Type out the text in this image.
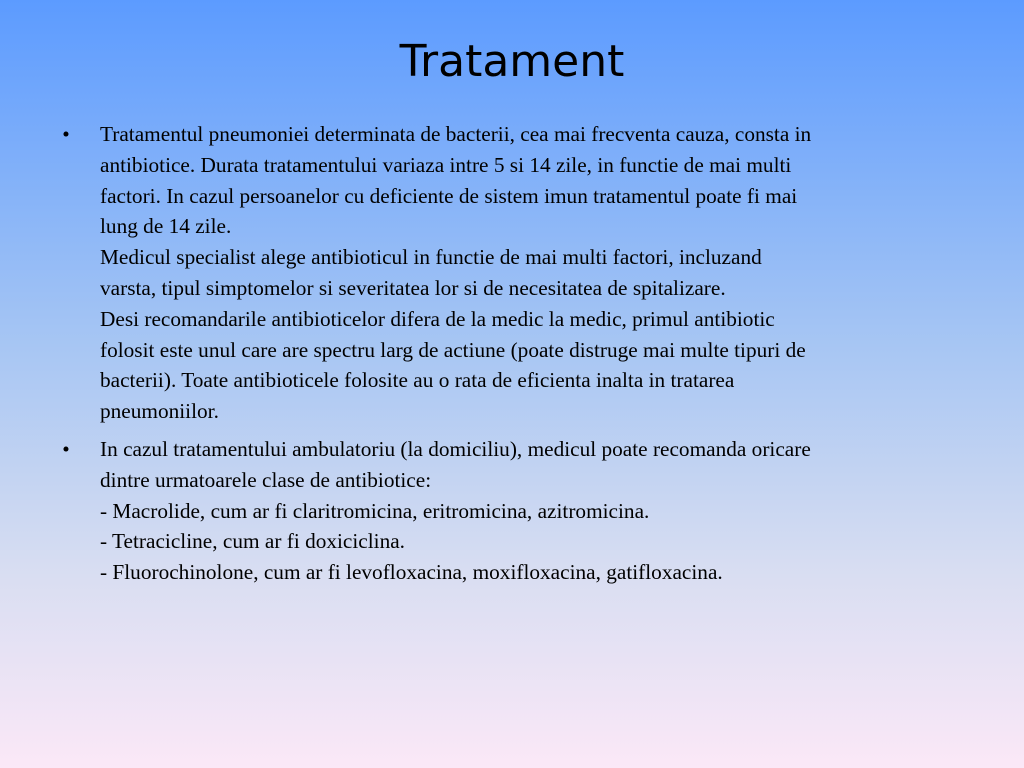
Tratament
• Tratamentul pneumoniei determinata de bacterii, cea mai frecventa cauza, consta in
antibiotice. Durata tratamentului variaza intre 5 si 14 zile, in functie de mai multi
factori. In cazul persoanelor cu deficiente de sistem imun tratamentul poate fi mai
lung de 14 zile.
Medicul specialist alege antibioticul in functie de mai multi factori, incluzand
varsta, tipul simptomelor si severitatea lor si de necesitatea de spitalizare.
Desi recomandarile antibioticelor difera de la medic la medic, primul antibiotic
folosit este unul care are spectru larg de actiune (poate distruge mai multe tipuri de
bacterii). Toate antibioticele folosite au o rata de eficienta inalta in tratarea
pneumoniilor.
• In cazul tratamentului ambulatoriu (la domiciliu), medicul poate recomanda oricare
dintre urmatoarele clase de antibiotice:
- Macrolide, cum ar fi claritromicina, eritromicina, azitromicina.
- Tetracicline, cum ar fi doxiciclina.
- Fluorochinolone, cum ar fi levofloxacina, moxifloxacina, gatifloxacina.
